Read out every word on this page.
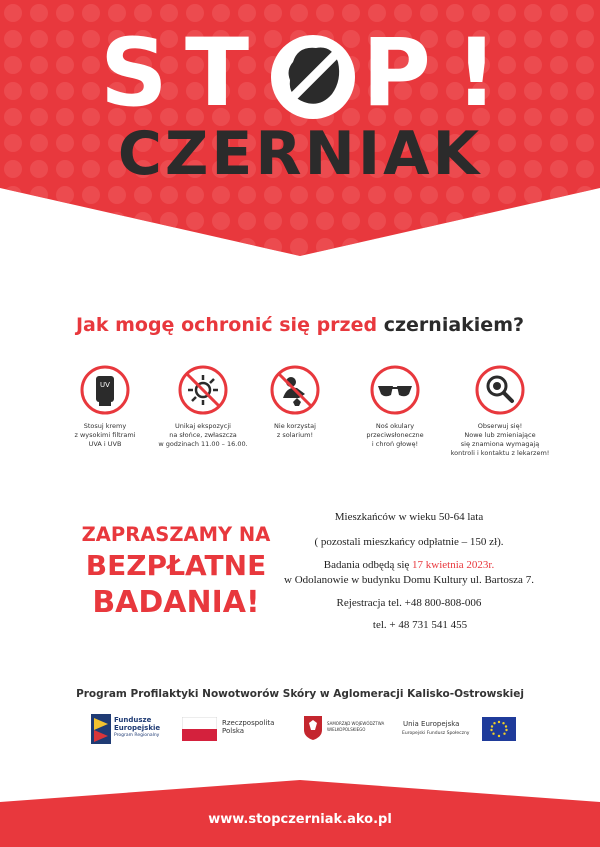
S T P !
CZERNIAK
Jak mogę ochronić się przed czerniakiem?
UV
Stosuj kremy
z wysokimi filtrami
UVA i UVB
Unikaj ekspozycji
na słońce, zwłaszcza
w godzinach 11.00 – 16.00.
Nie korzystaj
z solarium!
Noś okulary
przeciwsłoneczne
i chroń głowę!
Obserwuj się!
Nowe lub zmieniające
się znamiona wymagają
kontroli i kontaktu z lekarzem!
ZAPRASZAMY NA
BEZPŁATNE
BADANIA!
Mieszkańców w wieku 50-64 lata
( pozostali mieszkańcy odpłatnie – 150 zł).
Badania odbędą się 17 kwietnia 2023r.
w Odolanowie w budynku Domu Kultury ul. Bartosza 7.
Rejestracja tel. +48 800-808-006
tel. + 48 731 541 455
Program Profilaktyki Nowotworów Skóry w Aglomeracji Kalisko-Ostrowskiej
Fundusze
Europejskie
Program Regionalny
Rzeczpospolita
Polska
SAMORZĄD WOJEWÓDZTWA
WIELKOPOLSKIEGO
Unia Europejska
Europejski Fundusz Społeczny
www.stopczerniak.ako.pl
